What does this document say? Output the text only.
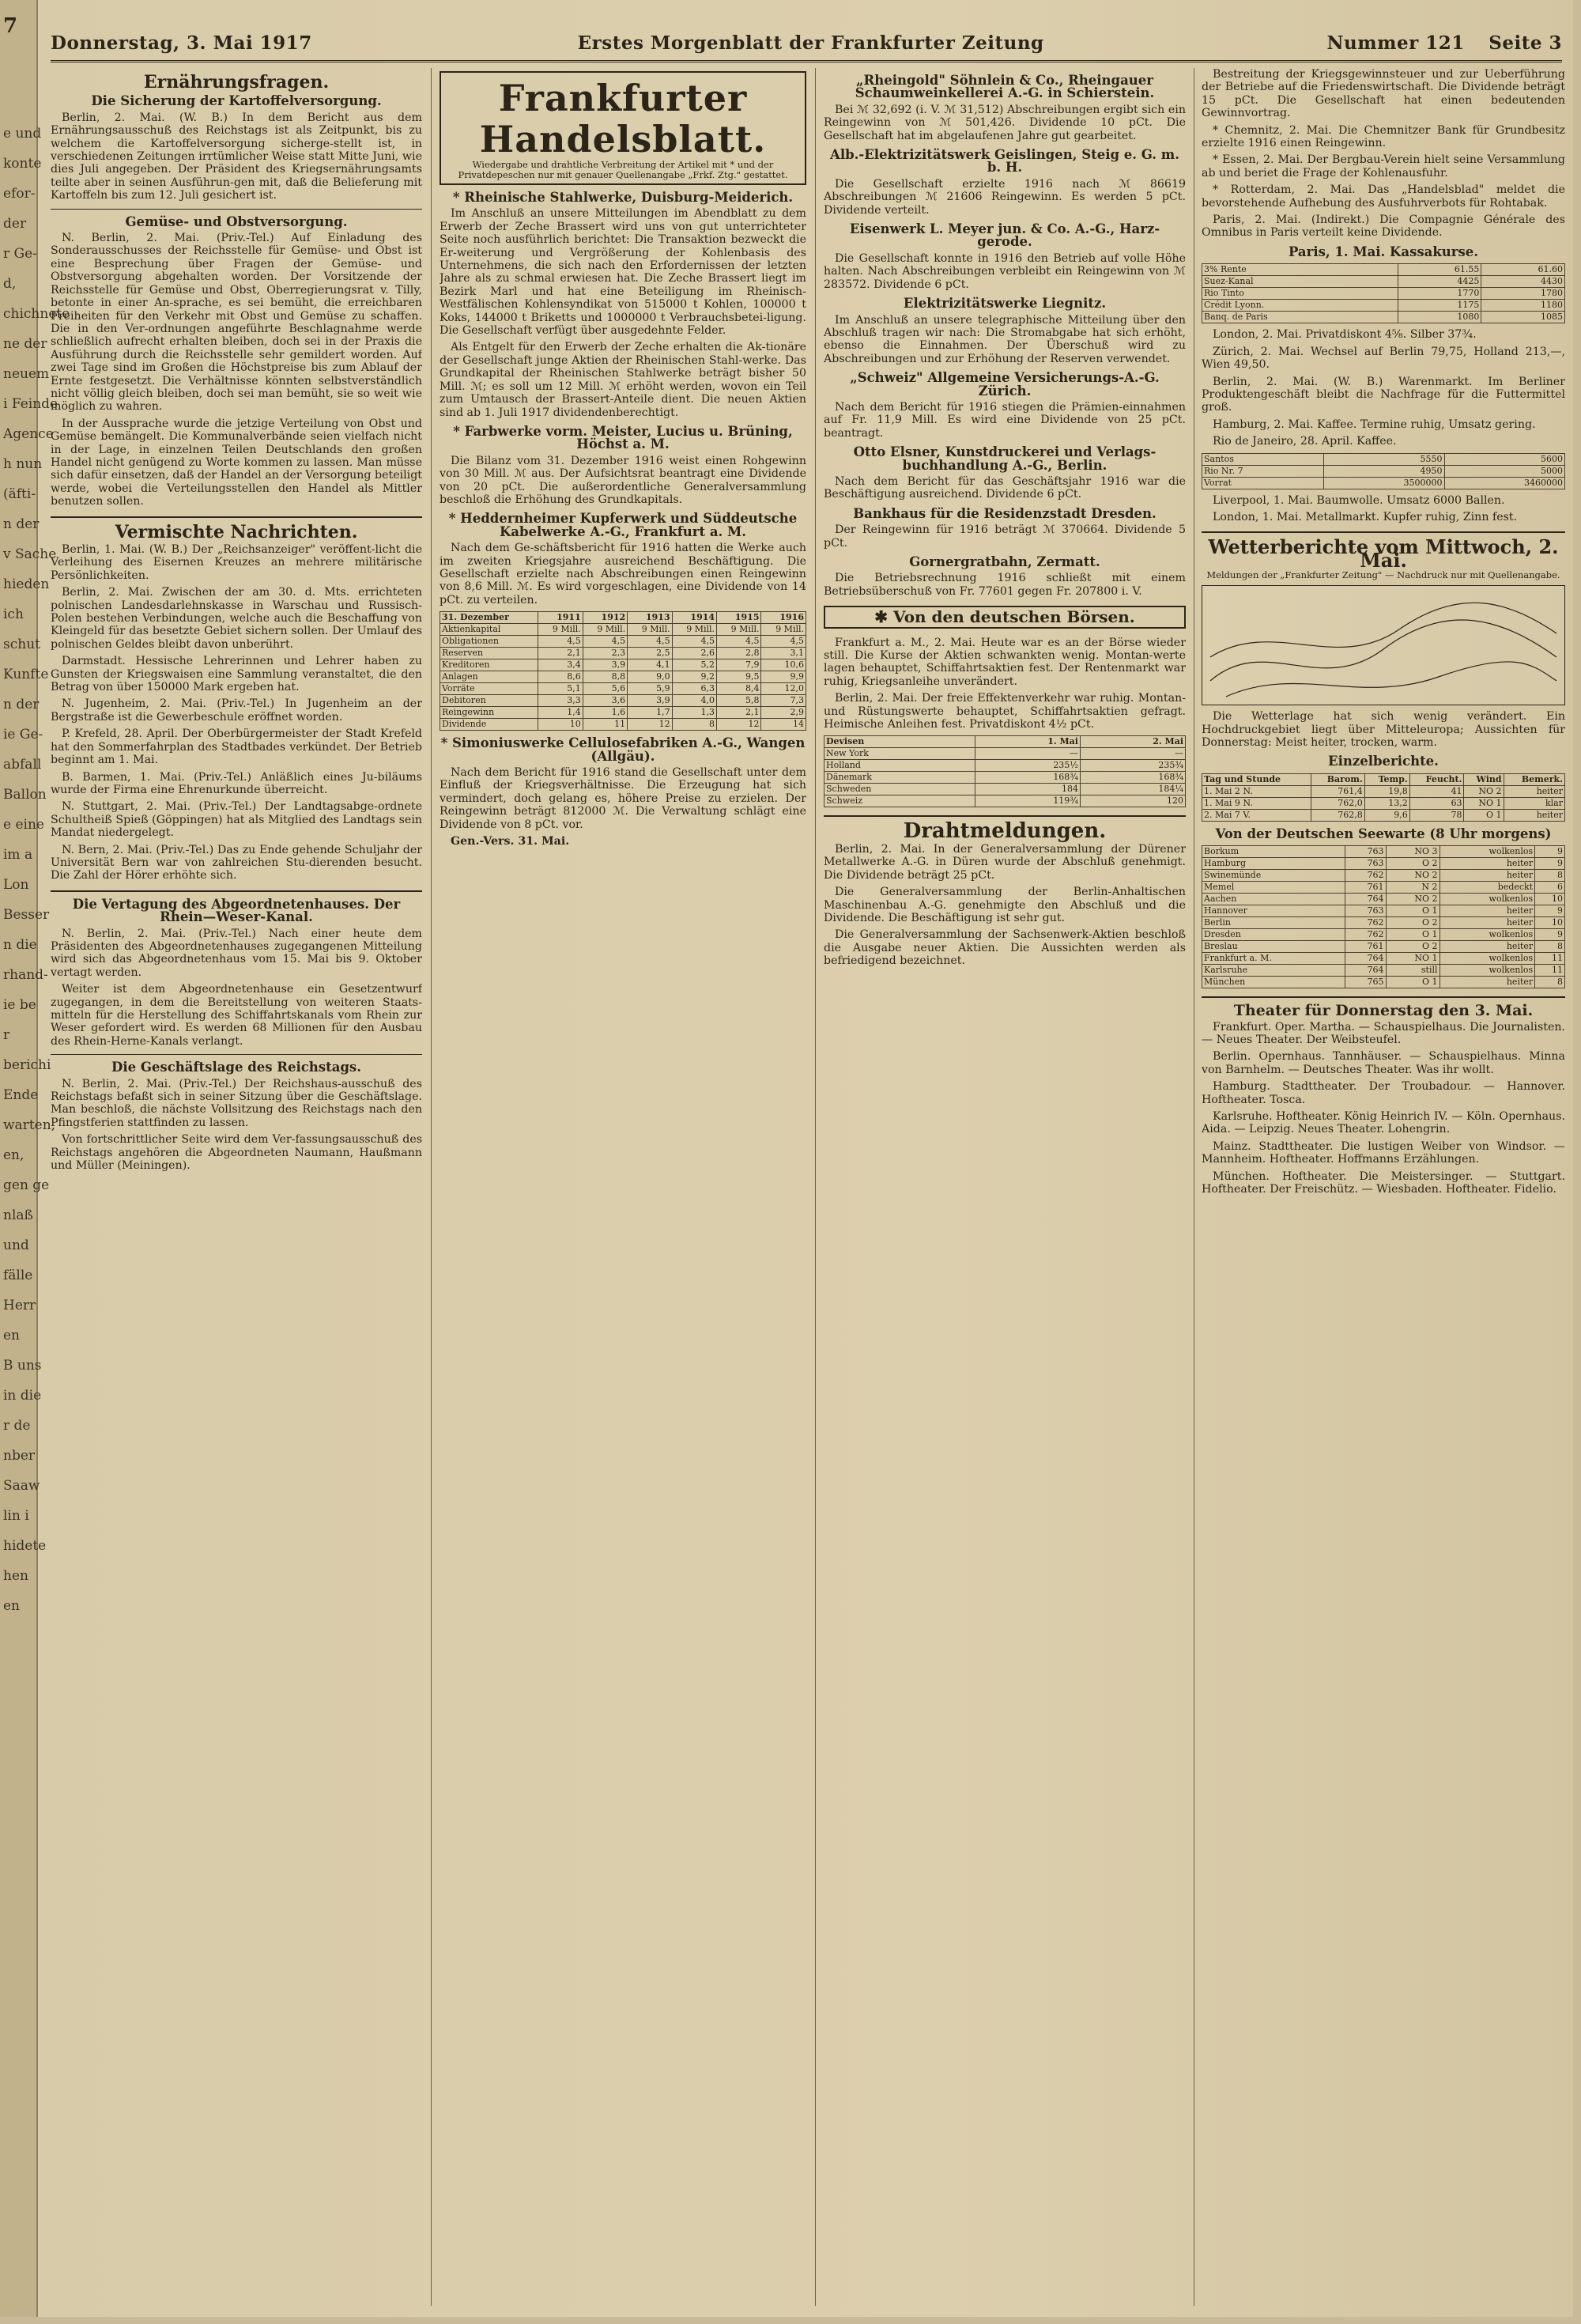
7
e und
konte
efor-
der
r Ge-
d,
chichnete
ne der
neuem
i Feinde
Agence
h nun
(äfti-
n der
v Sache
hieden
ich
schut
Kunfte
n der
ie Ge-
abfall
Ballon
e eine
im a
Lon
Besser
n die
rhand-
ie be
r
berichi
Ende
warten,
en,
gen ge
nlaß
und
fälle
Herr
en
B uns
in die
r de
nber
Saaw
lin i
hidete
hen
en
Donnerstag, 3. Mai 1917	Erstes Morgenblatt der Frankfurter Zeitung	Nummer 121 Seite 3
Ernährungsfragen.
Die Sicherung der Kartoffelversorgung.

Berlin, 2. Mai. (W. B.) In dem Bericht aus dem Ernährungsausschuß des Reichstags ist als Zeitpunkt, bis zu welchem die Kartoffelversorgung sicherge-stellt ist, in verschiedenen Zeitungen irrtümlicher Weise statt Mitte Juni, wie dies Juli angegeben. Der Präsident des Kriegsernährungsamts teilte aber in seinen Ausführun-gen mit, daß die Belieferung mit Kartoffeln bis zum 12. Juli gesichert ist.

Gemüse- und Obstversorgung.

N. Berlin, 2. Mai. (Priv.-Tel.) Auf Einladung des Sonderausschusses der Reichsstelle für Gemüse- und Obst ist eine Besprechung über Fragen der Gemüse- und Obstversorgung abgehalten worden. Der Vorsitzende der Reichsstelle für Gemüse und Obst, Oberregierungsrat v. Tilly, betonte in einer An-sprache, es sei bemüht, die erreichbaren Freiheiten für den Verkehr mit Obst und Gemüse zu schaffen. Die in den Ver-ordnungen angeführte Beschlagnahme werde schließlich aufrecht erhalten bleiben, doch sei in der Praxis die Ausführung durch die Reichsstelle sehr gemildert worden. Auf zwei Tage sind im Großen die Höchstpreise bis zum Ablauf der Ernte festgesetzt. Die Verhältnisse könnten selbstverständlich nicht völlig gleich bleiben, doch sei man bemüht, sie so weit wie möglich zu wahren.

In der Aussprache wurde die jetzige Verteilung von Obst und Gemüse bemängelt. Die Kommunalverbände seien vielfach nicht in der Lage, in einzelnen Teilen Deutschlands den großen Handel nicht genügend zu Worte kommen zu lassen. Man müsse sich dafür einsetzen, daß der Handel an der Versorgung beteiligt werde, wobei die Verteilungsstellen den Handel als Mittler benutzen sollen.

Vermischte Nachrichten.

Berlin, 1. Mai. (W. B.) Der „Reichsanzeiger" veröffent-licht die Verleihung des Eisernen Kreuzes an mehrere militärische Persönlichkeiten.

Berlin, 2. Mai. Zwischen der am 30. d. Mts. errichteten polnischen Landesdarlehnskasse in Warschau und Russisch-Polen bestehen Verbindungen, welche auch die Beschaffung von Kleingeld für das besetzte Gebiet sichern sollen. Der Umlauf des polnischen Geldes bleibt davon unberührt.

Darmstadt. Hessische Lehrerinnen und Lehrer haben zu Gunsten der Kriegswaisen eine Sammlung veranstaltet, die den Betrag von über 150000 Mark ergeben hat.

N. Jugenheim, 2. Mai. (Priv.-Tel.) In Jugenheim an der Bergstraße ist die Gewerbeschule eröffnet worden.

P. Krefeld, 28. April. Der Oberbürgermeister der Stadt Krefeld hat den Sommerfahrplan des Stadtbades verkündet. Der Betrieb beginnt am 1. Mai.

B. Barmen, 1. Mai. (Priv.-Tel.) Anläßlich eines Ju-biläums wurde der Firma eine Ehrenurkunde überreicht.

N. Stuttgart, 2. Mai. (Priv.-Tel.) Der Landtagsabge-ordnete Schultheiß Spieß (Göppingen) hat als Mitglied des Landtags sein Mandat niedergelegt.

N. Bern, 2. Mai. (Priv.-Tel.) Das zu Ende gehende Schuljahr der Universität Bern war von zahlreichen Stu-dierenden besucht. Die Zahl der Hörer erhöhte sich.

Die Vertagung des Abgeordnetenhauses. Der Rhein—Weser-Kanal.

N. Berlin, 2. Mai. (Priv.-Tel.) Nach einer heute dem Präsidenten des Abgeordnetenhauses zugegangenen Mitteilung wird sich das Abgeordnetenhaus vom 15. Mai bis 9. Oktober vertagt werden.

Weiter ist dem Abgeordnetenhause ein Gesetzentwurf zugegangen, in dem die Bereitstellung von weiteren Staats-mitteln für die Herstellung des Schiffahrtskanals vom Rhein zur Weser gefordert wird. Es werden 68 Millionen für den Ausbau des Rhein-Herne-Kanals verlangt.

Die Geschäftslage des Reichstags.

N. Berlin, 2. Mai. (Priv.-Tel.) Der Reichshaus-ausschuß des Reichstags befaßt sich in seiner Sitzung über die Geschäftslage. Man beschloß, die nächste Vollsitzung des Reichstags nach den Pfingstferien stattfinden zu lassen.

Von fortschrittlicher Seite wird dem Ver-fassungsausschuß des Reichstags angehören die Abgeordneten Naumann, Haußmann und Müller (Meiningen).

Frankfurter Handelsblatt.
Wiedergabe und drahtliche Verbreitung der Artikel mit * und der Privatdepeschen nur mit genauer Quellenangabe „Frkf. Ztg." gestattet.
* Rheinische Stahlwerke, Duisburg-Meiderich.

Im Anschluß an unsere Mitteilungen im Abendblatt zu dem Erwerb der Zeche Brassert wird uns von gut unterrichteter Seite noch ausführlich berichtet: Die Transaktion bezweckt die Er-weiterung und Vergrößerung der Kohlenbasis des Unternehmens, die sich nach den Erfordernissen der letzten Jahre als zu schmal erwiesen hat. Die Zeche Brassert liegt im Bezirk Marl und hat eine Beteiligung im Rheinisch-Westfälischen Kohlensyndikat von 515000 t Kohlen, 100000 t Koks, 144000 t Briketts und 1000000 t Verbrauchsbetei-ligung. Die Gesellschaft verfügt über ausgedehnte Felder.

Als Entgelt für den Erwerb der Zeche erhalten die Ak-tionäre der Gesellschaft junge Aktien der Rheinischen Stahl-werke. Das Grundkapital der Rheinischen Stahlwerke beträgt bisher 50 Mill. ℳ; es soll um 12 Mill. ℳ erhöht werden, wovon ein Teil zum Umtausch der Brassert-Anteile dient. Die neuen Aktien sind ab 1. Juli 1917 dividendenberechtigt.

* Farbwerke vorm. Meister, Lucius u. Brüning, Höchst a. M.

Die Bilanz vom 31. Dezember 1916 weist einen Rohgewinn von 30 Mill. ℳ aus. Der Aufsichtsrat beantragt eine Dividende von 20 pCt. Die außerordentliche Generalversammlung beschloß die Erhöhung des Grundkapitals.

* Heddernheimer Kupferwerk und Süddeutsche Kabelwerke A.-G., Frankfurt a. M.

Nach dem Ge-schäftsbericht für 1916 hatten die Werke auch im zweiten Kriegsjahre ausreichend Beschäftigung. Die Gesellschaft erzielte nach Abschreibungen einen Reingewinn von 8,6 Mill. ℳ. Es wird vorgeschlagen, eine Dividende von 14 pCt. zu verteilen.

31. Dezember	1911	1912	1913	1914	1915	1916
Aktienkapital	9 Mill.	9 Mill.	9 Mill.	9 Mill.	9 Mill.	9 Mill.
Obligationen	4,5	4,5	4,5	4,5	4,5	4,5
Reserven	2,1	2,3	2,5	2,6	2,8	3,1
Kreditoren	3,4	3,9	4,1	5,2	7,9	10,6
Anlagen	8,6	8,8	9,0	9,2	9,5	9,9
Vorräte	5,1	5,6	5,9	6,3	8,4	12,0
Debitoren	3,3	3,6	3,9	4,0	5,8	7,3
Reingewinn	1,4	1,6	1,7	1,3	2,1	2,9
Dividende	10	11	12	8	12	14
* Simoniuswerke Cellulosefabriken A.-G., Wangen (Allgäu).

Nach dem Bericht für 1916 stand die Gesellschaft unter dem Einfluß der Kriegsverhältnisse. Die Erzeugung hat sich vermindert, doch gelang es, höhere Preise zu erzielen. Der Reingewinn beträgt 812000 ℳ. Die Verwaltung schlägt eine Dividende von 8 pCt. vor.

Gen.-Vers. 31. Mai.

„Rheingold" Söhnlein & Co., Rheingauer Schaumweinkellerei A.-G. in Schierstein.

Bei ℳ 32,692 (i. V. ℳ 31,512) Abschreibungen ergibt sich ein Reingewinn von ℳ 501,426. Dividende 10 pCt. Die Gesellschaft hat im abgelaufenen Jahre gut gearbeitet.

Alb.-Elektrizitätswerk Geislingen, Steig e. G. m. b. H.

Die Gesellschaft erzielte 1916 nach ℳ 86619 Abschreibungen ℳ 21606 Reingewinn. Es werden 5 pCt. Dividende verteilt.

Eisenwerk L. Meyer jun. & Co. A.-G., Harz-gerode.

Die Gesellschaft konnte in 1916 den Betrieb auf volle Höhe halten. Nach Abschreibungen verbleibt ein Reingewinn von ℳ 283572. Dividende 6 pCt.

Elektrizitätswerke Liegnitz.

Im Anschluß an unsere telegraphische Mitteilung über den Abschluß tragen wir nach: Die Stromabgabe hat sich erhöht, ebenso die Einnahmen. Der Überschuß wird zu Abschreibungen und zur Erhöhung der Reserven verwendet.

„Schweiz" Allgemeine Versicherungs-A.-G. Zürich.

Nach dem Bericht für 1916 stiegen die Prämien-einnahmen auf Fr. 11,9 Mill. Es wird eine Dividende von 25 pCt. beantragt.

Otto Elsner, Kunstdruckerei und Verlags-buchhandlung A.-G., Berlin.

Nach dem Bericht für das Geschäftsjahr 1916 war die Beschäftigung ausreichend. Dividende 6 pCt.

Bankhaus für die Residenzstadt Dresden.

Der Reingewinn für 1916 beträgt ℳ 370664. Dividende 5 pCt.

Gornergratbahn, Zermatt.

Die Betriebsrechnung 1916 schließt mit einem Betriebsüberschuß von Fr. 77601 gegen Fr. 207800 i. V.

✱ Von den deutschen Börsen.

Frankfurt a. M., 2. Mai. Heute war es an der Börse wieder still. Die Kurse der Aktien schwankten wenig. Montan-werte lagen behauptet, Schiffahrtsaktien fest. Der Rentenmarkt war ruhig, Kriegsanleihe unverändert.

Berlin, 2. Mai. Der freie Effektenverkehr war ruhig. Montan- und Rüstungswerte behauptet, Schiffahrtsaktien gefragt. Heimische Anleihen fest. Privatdiskont 4½ pCt.

Devisen	1. Mai	2. Mai
New York	—	—
Holland	235½	235¾
Dänemark	168¾	168¾
Schweden	184	184¼
Schweiz	119¾	120
Drahtmeldungen.

Berlin, 2. Mai. In der Generalversammlung der Dürener Metallwerke A.-G. in Düren wurde der Abschluß genehmigt. Die Dividende beträgt 25 pCt.

Die Generalversammlung der Berlin-Anhaltischen Maschinenbau A.-G. genehmigte den Abschluß und die Dividende. Die Beschäftigung ist sehr gut.

Die Generalversammlung der Sachsenwerk-Aktien beschloß die Ausgabe neuer Aktien. Die Aussichten werden als befriedigend bezeichnet.

Bestreitung der Kriegsgewinnsteuer und zur Ueberführung der Betriebe auf die Friedenswirtschaft. Die Dividende beträgt 15 pCt. Die Gesellschaft hat einen bedeutenden Gewinnvortrag.

* Chemnitz, 2. Mai. Die Chemnitzer Bank für Grundbesitz erzielte 1916 einen Reingewinn.

* Essen, 2. Mai. Der Bergbau-Verein hielt seine Versammlung ab und beriet die Frage der Kohlenausfuhr.

* Rotterdam, 2. Mai. Das „Handelsblad" meldet die bevorstehende Aufhebung des Ausfuhrverbots für Rohtabak.

Paris, 2. Mai. (Indirekt.) Die Compagnie Générale des Omnibus in Paris verteilt keine Dividende.

Paris, 1. Mai. Kassakurse.
3% Rente	61.55	61.60
Suez-Kanal	4425	4430
Rio Tinto	1770	1780
Crédit Lyonn.	1175	1180
Banq. de Paris	1080	1085

London, 2. Mai. Privatdiskont 4⅝. Silber 37¾.

Zürich, 2. Mai. Wechsel auf Berlin 79,75, Holland 213,—, Wien 49,50.

Berlin, 2. Mai. (W. B.) Warenmarkt. Im Berliner Produktengeschäft bleibt die Nachfrage für die Futtermittel groß.

Hamburg, 2. Mai. Kaffee. Termine ruhig, Umsatz gering.

Rio de Janeiro, 28. April. Kaffee.

Santos	5550	5600
Rio Nr. 7	4950	5000
Vorrat	3500000	3460000

Liverpool, 1. Mai. Baumwolle. Umsatz 6000 Ballen.

London, 1. Mai. Metallmarkt. Kupfer ruhig, Zinn fest.

Wetterberichte vom Mittwoch, 2. Mai.
Meldungen der „Frankfurter Zeitung" — Nachdruck nur mit Quellenangabe.

Die Wetterlage hat sich wenig verändert. Ein Hochdruckgebiet liegt über Mitteleuropa; Aussichten für Donnerstag: Meist heiter, trocken, warm.

Einzelberichte.
Tag und Stunde	Barom.	Temp.	Feucht.	Wind	Bemerk.
1. Mai 2 N.	761,4	19,8	41	NO 2	heiter
1. Mai 9 N.	762,0	13,2	63	NO 1	klar
2. Mai 7 V.	762,8	9,6	78	O 1	heiter
Von der Deutschen Seewarte (8 Uhr morgens)
Borkum	763	NO 3	wolkenlos	9
Hamburg	763	O 2	heiter	9
Swinemünde	762	NO 2	heiter	8
Memel	761	N 2	bedeckt	6
Aachen	764	NO 2	wolkenlos	10
Hannover	763	O 1	heiter	9
Berlin	762	O 2	heiter	10
Dresden	762	O 1	wolkenlos	9
Breslau	761	O 2	heiter	8
Frankfurt a. M.	764	NO 1	wolkenlos	11
Karlsruhe	764	still	wolkenlos	11
München	765	O 1	heiter	8
Theater für Donnerstag den 3. Mai.

Frankfurt. Oper. Martha. — Schauspielhaus. Die Journalisten. — Neues Theater. Der Weibsteufel.

Berlin. Opernhaus. Tannhäuser. — Schauspielhaus. Minna von Barnhelm. — Deutsches Theater. Was ihr wollt.

Hamburg. Stadttheater. Der Troubadour. — Hannover. Hoftheater. Tosca.

Karlsruhe. Hoftheater. König Heinrich IV. — Köln. Opernhaus. Aida. — Leipzig. Neues Theater. Lohengrin.

Mainz. Stadttheater. Die lustigen Weiber von Windsor. — Mannheim. Hoftheater. Hoffmanns Erzählungen.

München. Hoftheater. Die Meistersinger. — Stuttgart. Hoftheater. Der Freischütz. — Wiesbaden. Hoftheater. Fidelio.
